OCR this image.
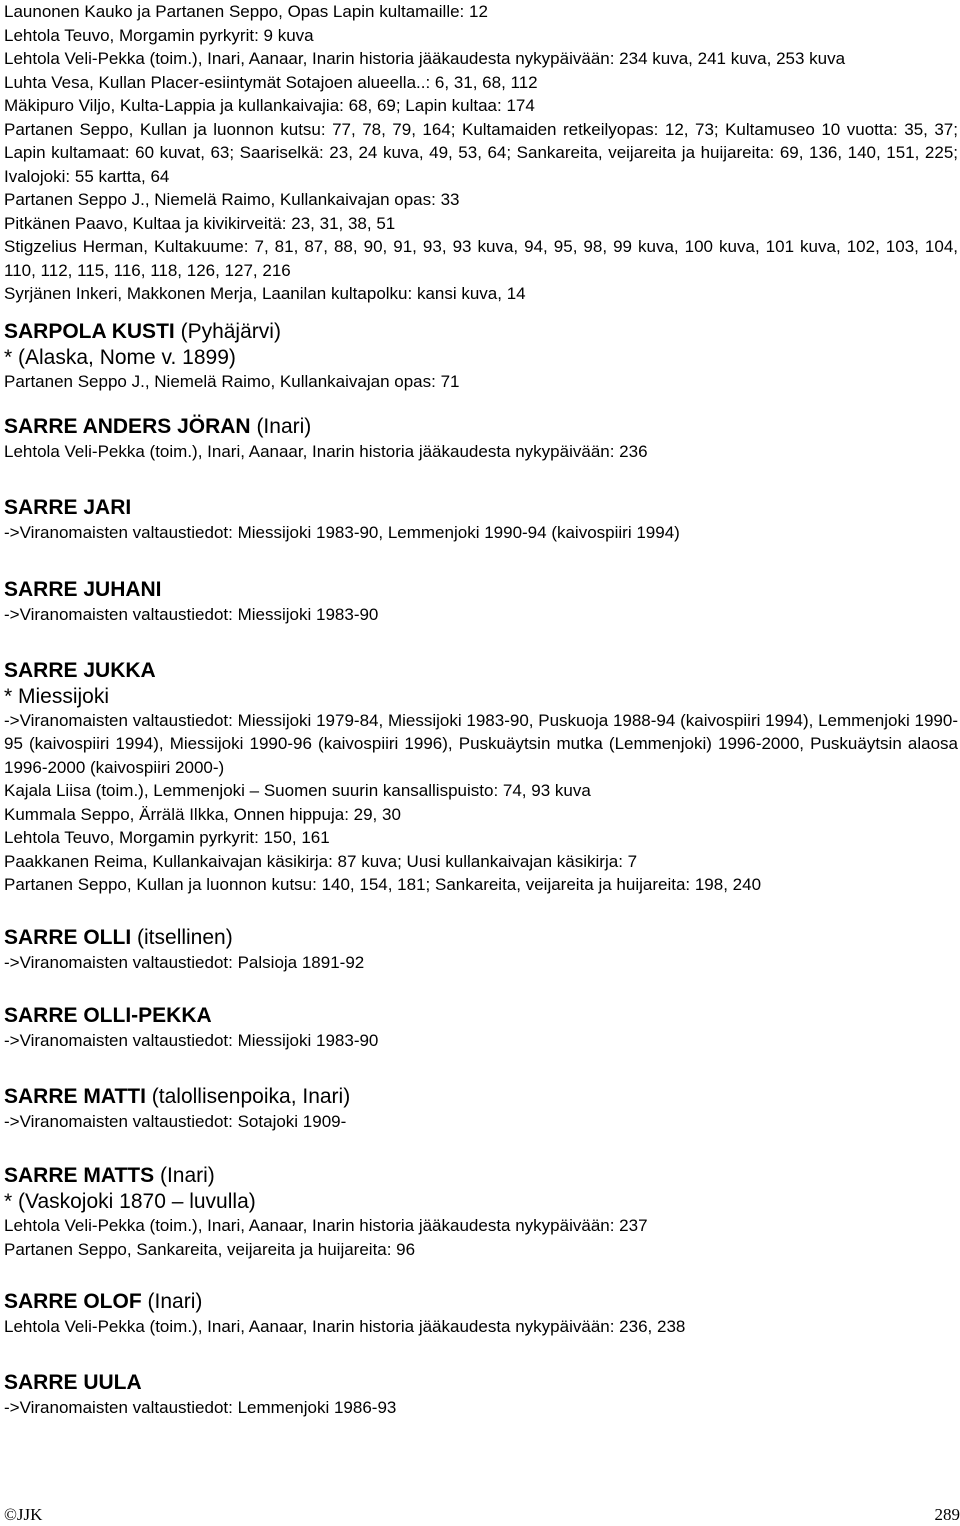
Launonen Kauko ja Partanen Seppo, Opas Lapin kultamaille: 12
Lehtola Teuvo, Morgamin pyrkyrit: 9 kuva
Lehtola Veli-Pekka (toim.), Inari, Aanaar, Inarin historia jääkaudesta nykypäivään: 234 kuva, 241 kuva, 253 kuva
Luhta Vesa, Kullan Placer-esiintymät Sotajoen alueella..: 6, 31, 68, 112
Mäkipuro Viljo, Kulta-Lappia ja kullankaivajia: 68, 69; Lapin kultaa: 174
Partanen Seppo, Kullan ja luonnon kutsu: 77, 78, 79, 164; Kultamaiden retkeilyopas: 12, 73; Kultamuseo 10 vuotta: 35, 37; Lapin kultamaat: 60 kuvat, 63; Saariselkä: 23, 24 kuva, 49, 53, 64; Sankareita, veijareita ja huijareita: 69, 136, 140, 151, 225; Ivalojoki: 55 kartta, 64
Partanen Seppo J., Niemelä Raimo, Kullankaivajan opas: 33
Pitkänen Paavo, Kultaa ja kivikirveitä: 23, 31, 38, 51
Stigzelius Herman, Kultakuume: 7, 81, 87, 88, 90, 91, 93, 93 kuva, 94, 95, 98, 99 kuva, 100 kuva, 101 kuva, 102, 103, 104, 110, 112, 115, 116, 118, 126, 127, 216
Syrjänen Inkeri, Makkonen Merja, Laanilan kultapolku: kansi kuva, 14
SARPOLA KUSTI (Pyhäjärvi)
* (Alaska, Nome v. 1899)
Partanen Seppo J., Niemelä Raimo, Kullankaivajan opas: 71
SARRE ANDERS JÖRAN (Inari)
Lehtola Veli-Pekka (toim.), Inari, Aanaar, Inarin historia jääkaudesta nykypäivään: 236
SARRE JARI
->Viranomaisten valtaustiedot: Miessijoki 1983-90, Lemmenjoki 1990-94 (kaivospiiri 1994)
SARRE JUHANI
->Viranomaisten valtaustiedot: Miessijoki 1983-90
SARRE JUKKA
* Miessijoki
->Viranomaisten valtaustiedot: Miessijoki 1979-84, Miessijoki 1983-90, Puskuoja 1988-94 (kaivospiiri 1994), Lemmenjoki 1990-95 (kaivospiiri 1994), Miessijoki 1990-96 (kaivospiiri 1996), Puskuäytsin mutka (Lemmenjoki) 1996-2000, Puskuäytsin alaosa 1996-2000 (kaivospiiri 2000-)
Kajala Liisa (toim.), Lemmenjoki – Suomen suurin kansallispuisto: 74, 93 kuva
Kummala Seppo, Ärrälä Ilkka, Onnen hippuja: 29, 30
Lehtola Teuvo, Morgamin pyrkyrit: 150, 161
Paakkanen Reima, Kullankaivajan käsikirja: 87 kuva; Uusi kullankaivajan käsikirja: 7
Partanen Seppo, Kullan ja luonnon kutsu: 140, 154, 181; Sankareita, veijareita ja huijareita: 198, 240
SARRE OLLI (itsellinen)
->Viranomaisten valtaustiedot: Palsioja 1891-92
SARRE OLLI-PEKKA
->Viranomaisten valtaustiedot: Miessijoki 1983-90
SARRE MATTI (talollisenpoika, Inari)
->Viranomaisten valtaustiedot: Sotajoki 1909-
SARRE MATTS (Inari)
* (Vaskojoki 1870 – luvulla)
Lehtola Veli-Pekka (toim.), Inari, Aanaar, Inarin historia jääkaudesta nykypäivään: 237
Partanen Seppo, Sankareita, veijareita ja huijareita: 96
SARRE OLOF (Inari)
Lehtola Veli-Pekka (toim.), Inari, Aanaar, Inarin historia jääkaudesta nykypäivään: 236, 238
SARRE UULA
->Viranomaisten valtaustiedot: Lemmenjoki 1986-93
©JJK	289
